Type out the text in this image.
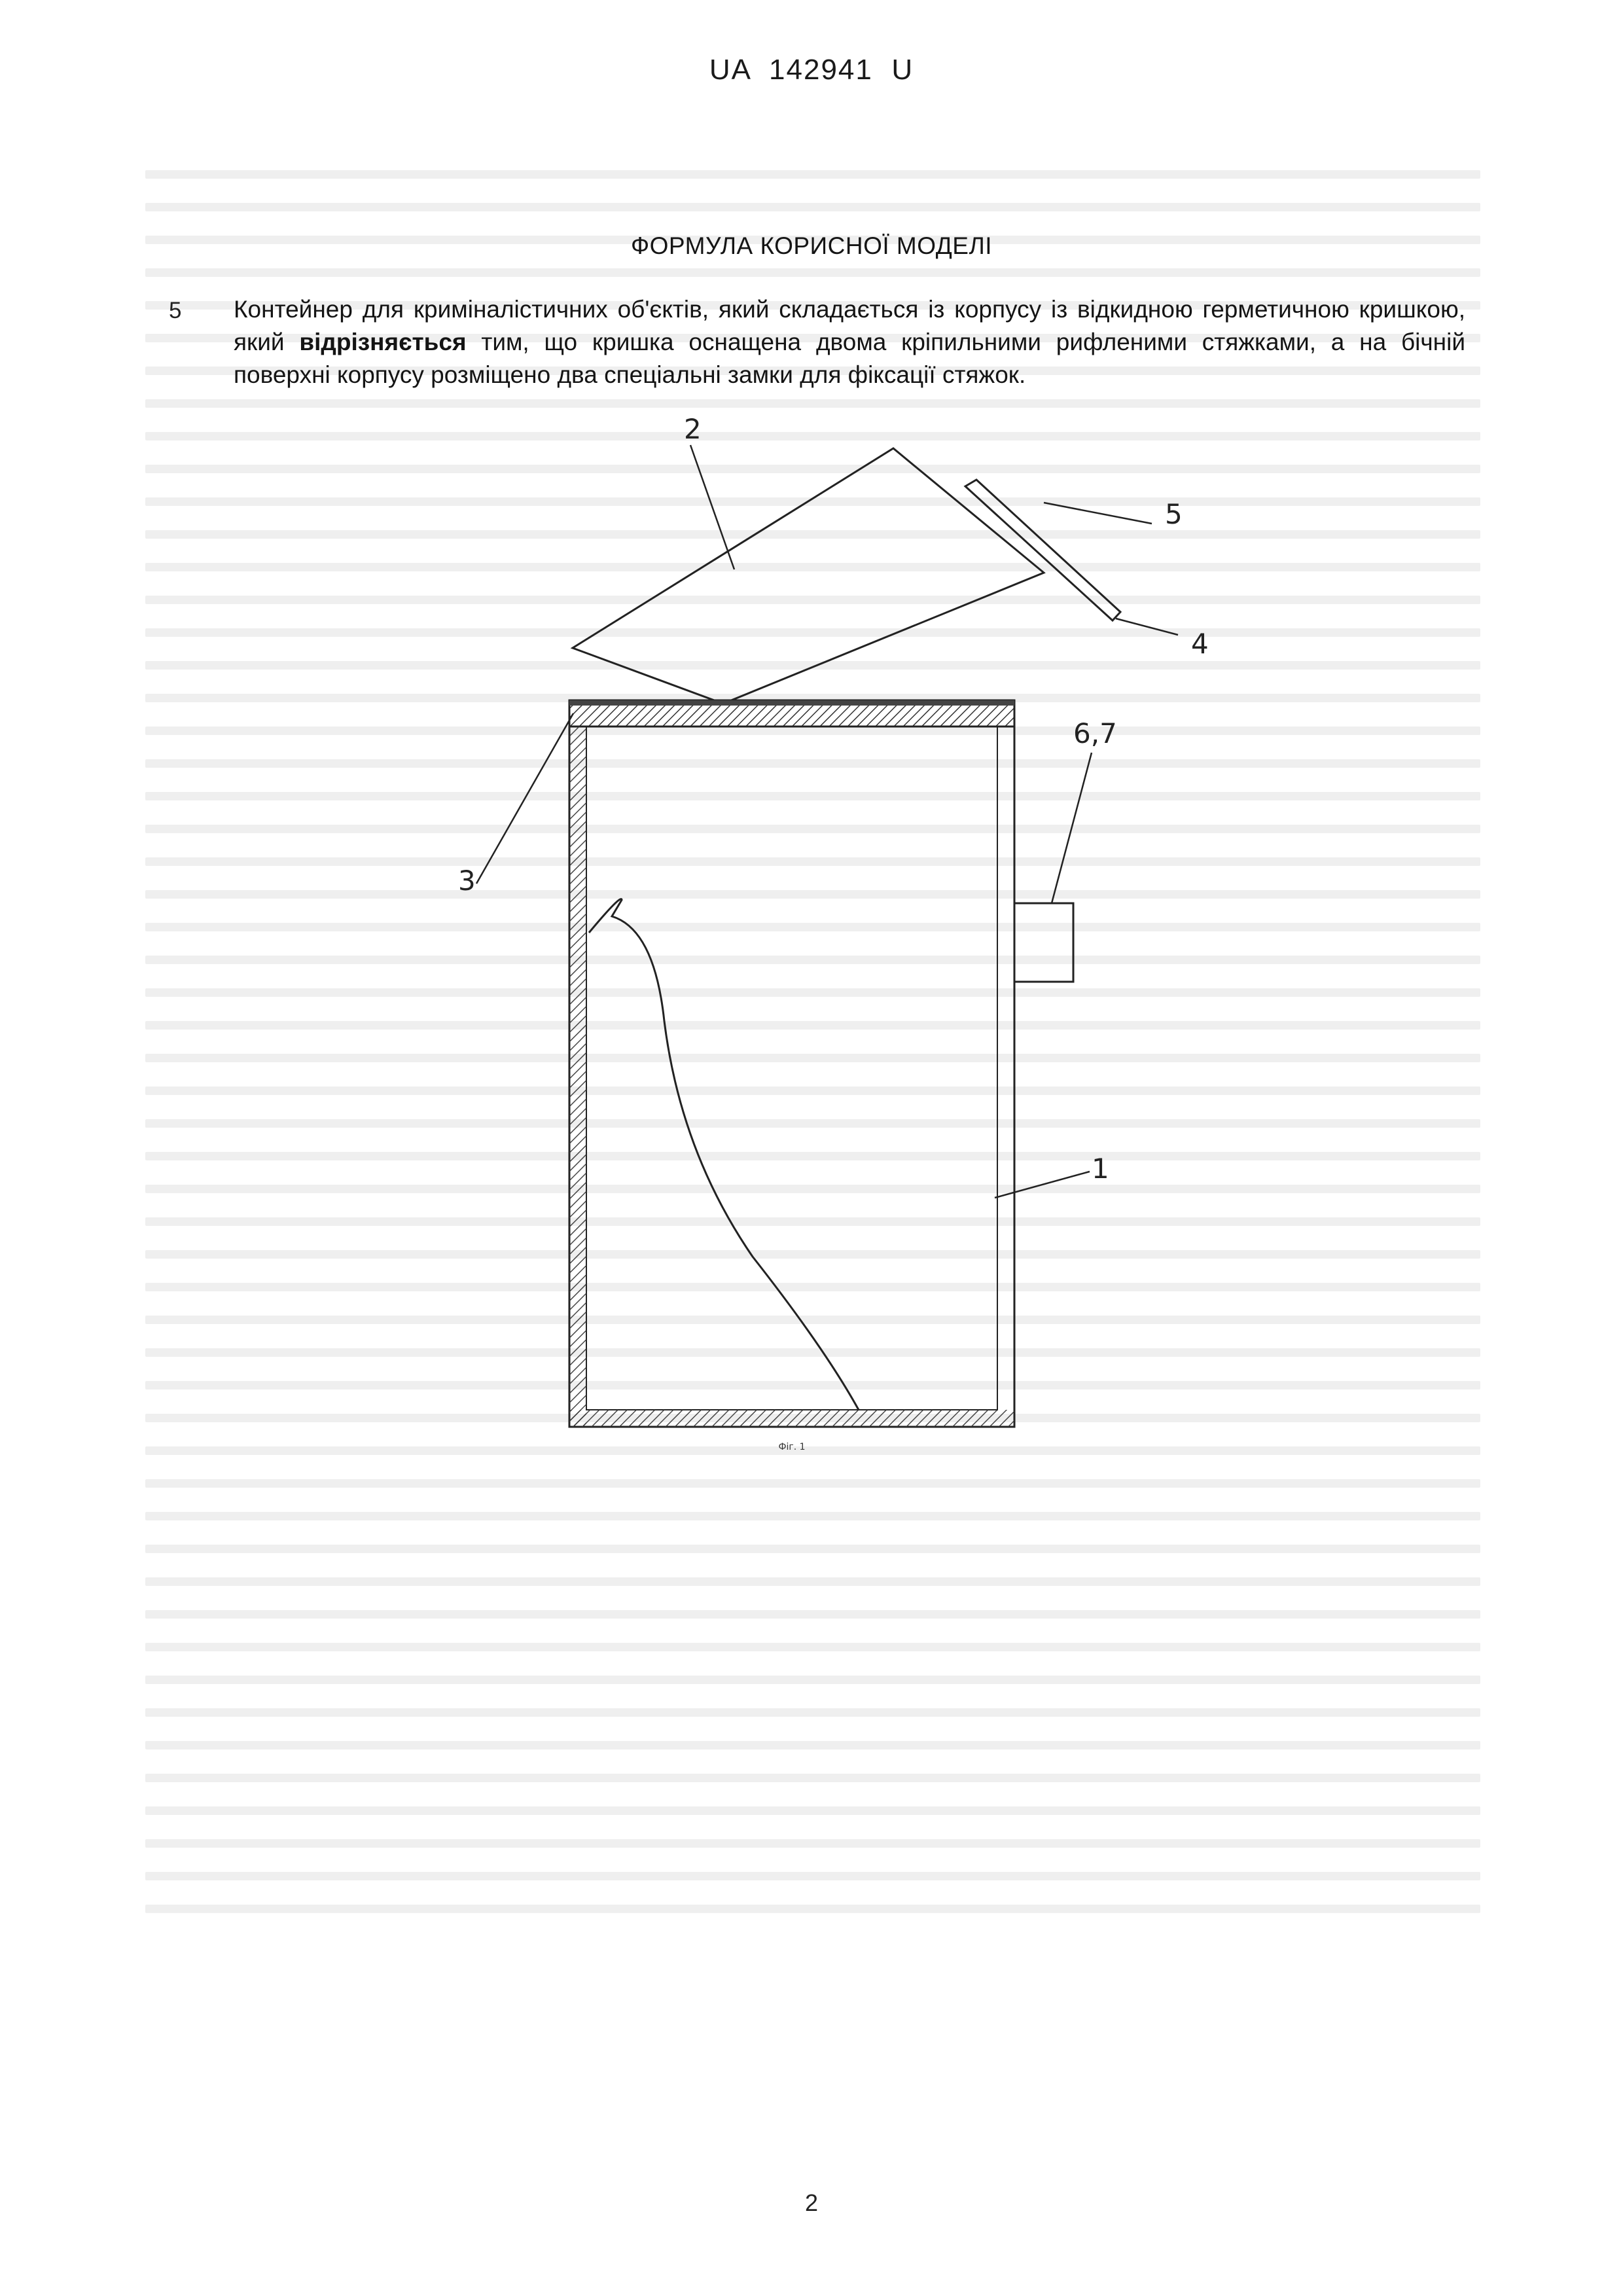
UA 142941 U
ФОРМУЛА КОРИСНОЇ МОДЕЛІ
5 Контейнер для криміналістичних об'єктів, який складається із корпусу із відкидною герметичною кришкою, який відрізняється тим, що кришка оснащена двома кріпильними рифленими стяжками, а на бічній поверхні корпусу розміщено два спеціальні замки для фіксації стяжок.
2
5
4
6,7
3
1
Фіг. 1
2
